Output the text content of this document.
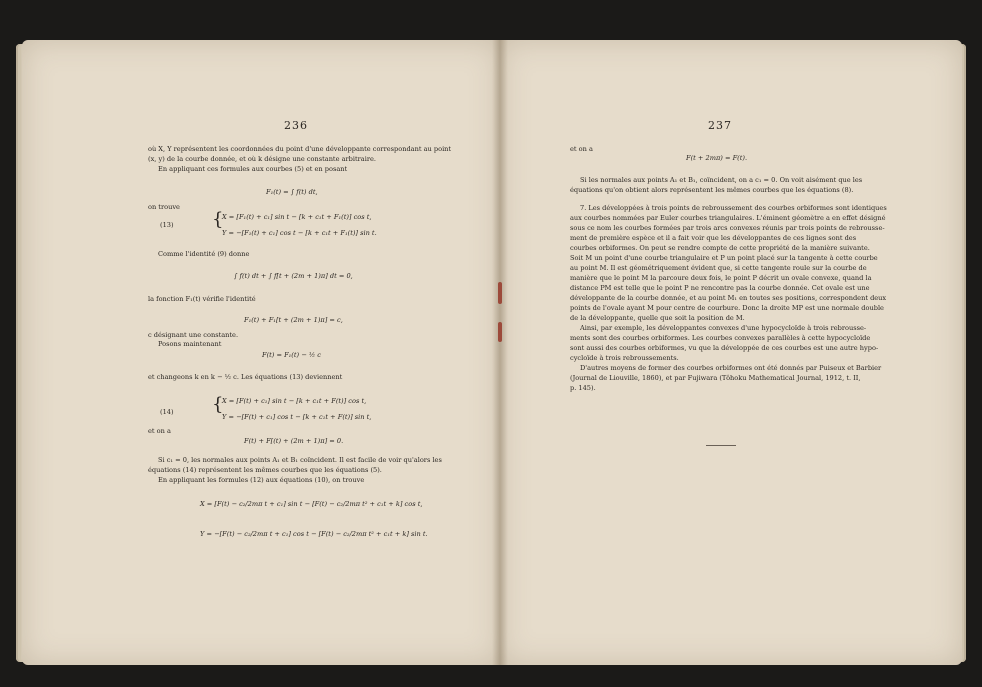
236
où X, Y représentent les coordonnées du point d'une développante correspondant au point
(x, y) de la courbe donnée, et où k désigne une constante arbitraire.
En appliquant ces formules aux courbes (5) et en posant
F₁(t) = ∫ f(t) dt,
on trouve
(13) {
X = [F₁(t) + c₁] sin t − [k + c₁t + F₁(t)] cos t,
Y = −[F₁(t) + c₁] cos t − [k + c₁t + F₁(t)] sin t.
Comme l'identité (9) donne
∫ f(t) dt + ∫ f[t + (2m + 1)π] dt = 0,
la fonction F₁(t) vérifie l'identité
F₁(t) + F₁[t + (2m + 1)π] = c,
c désignant une constante.
Posons maintenant
F(t) = F₁(t) − ½ c
et changeons k en k − ½ c. Les équations (13) deviennent
(14) {
X = [F(t) + c₁] sin t − [k + c₁t + F(t)] cos t,
Y = −[F(t) + c₁] cos t − [k + c₁t + F(t)] sin t,
et on a
F(t) + F[(t) + (2m + 1)π] = 0.
Si c₁ = 0, les normales aux points A₁ et B₁ coïncident. Il est facile de voir qu'alors les
équations (14) représentent les mêmes courbes que les équations (5).
En appliquant les formules (12) aux équations (10), on trouve
X = [F(t) − c₂/2mπ t + c₁] sin t − [F(t) − c₂/2mπ t² + c₁t + k] cos t,
Y = −[F(t) − c₂/2mπ t + c₁] cos t − [F(t) − c₂/2mπ t² + c₁t + k] sin t.
237
et on a
F(t + 2mπ) = F(t).
Si les normales aux points A₁ et B₁, coïncident, on a c₁ = 0. On voit aisément que les
équations qu'on obtient alors représentent les mêmes courbes que les équations (8).
7. Les développées à trois points de rebroussement des courbes orbiformes sont identiques
aux courbes nommées par Euler courbes triangulaires. L'éminent géomètre a en effet désigné
sous ce nom les courbes formées par trois arcs convexes réunis par trois points de rebrousse-
ment de première espèce et il a fait voir que les développantes de ces lignes sont des
courbes orbiformes. On peut se rendre compte de cette propriété de la manière suivante.
Soit M un point d'une courbe triangulaire et P un point placé sur la tangente à cette courbe
au point M. Il est géométriquement évident que, si cette tangente roule sur la courbe de
manière que le point M la parcoure deux fois, le point P décrit un ovale convexe, quand la
distance PM est telle que le point P ne rencontre pas la courbe donnée. Cet ovale est une
développante de la courbe donnée, et au point M₁ en toutes ses positions, correspondent deux
points de l'ovale ayant M pour centre de courbure. Donc la droite MP est une normale double
de la développante, quelle que soit la position de M.
Ainsi, par exemple, les développantes convexes d'une hypocycloïde à trois rebrousse-
ments sont des courbes orbiformes. Les courbes convexes parallèles à cette hypocycloïde
sont aussi des courbes orbiformes, vu que la développée de ces courbes est une autre hypo-
cycloïde à trois rebroussements.
D'autres moyens de former des courbes orbiformes ont été donnés par Puiseux et Barbier
(Journal de Liouville, 1860), et par Fujiwara (Tôhoku Mathematical Journal, 1912, t. II,
p. 145).
